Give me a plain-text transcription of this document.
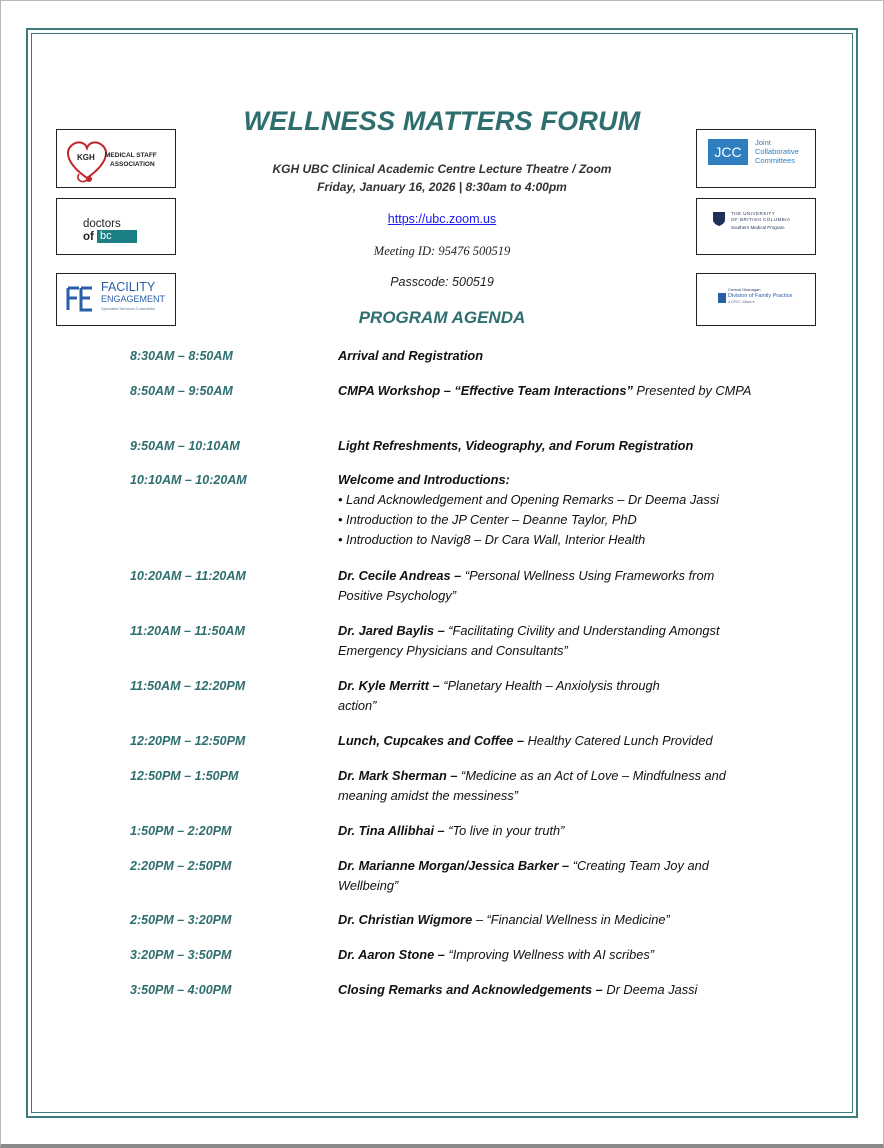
WELLNESS MATTERS FORUM
KGH UBC Clinical Academic Centre Lecture Theatre / Zoom
Friday, January 16, 2026 | 8:30am to 4:00pm
https://ubc.zoom.us
Meeting ID: 95476 500519
Passcode: 500519
PROGRAM AGENDA
KGH MEDICAL STAFF
ASSOCIATION
doctors
of bc
FACILITY
ENGAGEMENT
Specialist Services Committee
JCC
Joint
Collaborative
Committees
THE UNIVERSITY
OF BRITISH COLUMBIA
Southern Medical Program
Central Okanagan
Division of Family Practice
A GPSC initiative
8:30AM – 8:50AM	Arrival and Registration
8:50AM – 9:50AM	CMPA Workshop – “Effective Team Interactions” Presented by CMPA
9:50AM – 10:10AM	Light Refreshments, Videography, and Forum Registration
10:10AM – 10:20AM	Welcome and Introductions:
• Land Acknowledgement and Opening Remarks – Dr Deema Jassi
• Introduction to the JP Center – Deanne Taylor, PhD
• Introduction to Navig8 – Dr Cara Wall, Interior Health
10:20AM – 11:20AM	Dr. Cecile Andreas – “Personal Wellness Using Frameworks from Positive Psychology”
11:20AM – 11:50AM	Dr. Jared Baylis – “Facilitating Civility and Understanding Amongst Emergency Physicians and Consultants”
11:50AM – 12:20PM	Dr. Kyle Merritt – “Planetary Health – Anxiolysis through action”
12:20PM – 12:50PM	Lunch, Cupcakes and Coffee – Healthy Catered Lunch Provided
12:50PM – 1:50PM	Dr. Mark Sherman – “Medicine as an Act of Love – Mindfulness and meaning amidst the messiness”
1:50PM – 2:20PM	Dr. Tina Allibhai – “To live in your truth”
2:20PM – 2:50PM	Dr. Marianne Morgan/Jessica Barker – “Creating Team Joy and Wellbeing”
2:50PM – 3:20PM	Dr. Christian Wigmore – “Financial Wellness in Medicine”
3:20PM – 3:50PM	Dr. Aaron Stone – “Improving Wellness with AI scribes”
3:50PM – 4:00PM	Closing Remarks and Acknowledgements – Dr Deema Jassi
